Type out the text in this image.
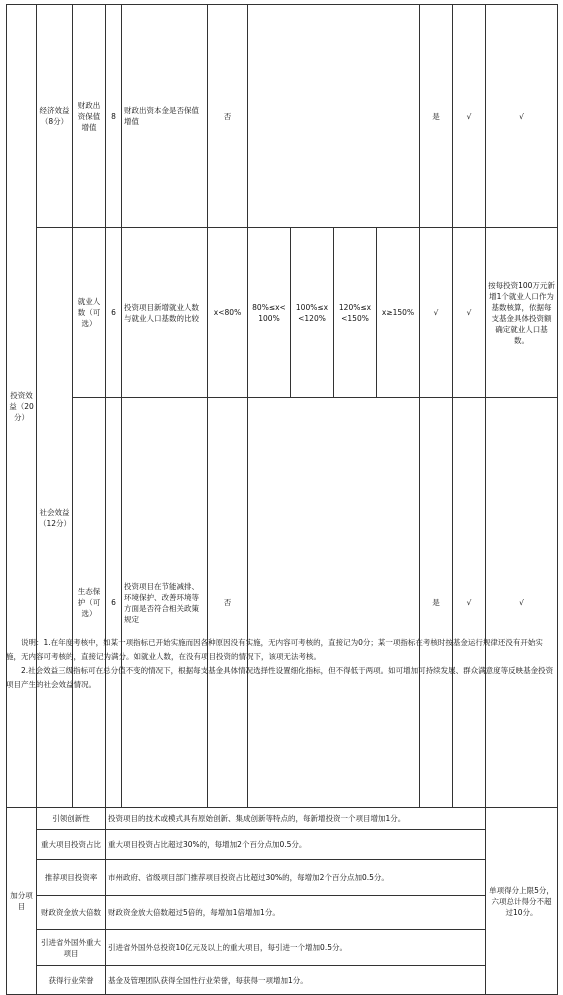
投资效益（20分）	经济效益（8分）	财政出资保值增值	8	财政出资本金是否保值增值	否					是	√	√	
	社会效益（12分）	就业人数（可选）	6	投资项目新增就业人数与就业人口基数的比较	x<80%	80%≤x<100%	100%≤x<120%	120%≤x<150%	x≥150%	√	√	按每投资100万元新增1个就业人口作为基数核算，依据每支基金具体投资额确定就业人口基数。	
		生态保护（可选）	6	投资项目在节能减排、环境保护、改善环境等方面是否符合相关政策规定	否					是	√	√	
加分项目	引领创新性		投资项目的技术或模式具有原始创新、集成创新等特点的，每新增投资一个项目增加1分。									单项得分上限5分，六项总计得分不超过10分。	
	重大项目投资占比		重大项目投资占比超过30%的，每增加2个百分点加0.5分。										
	推荐项目投资率		市州政府、省级项目部门推荐项目投资占比超过30%的，每增加2个百分点加0.5分。										
	财政资金放大倍数		财政资金放大倍数超过5倍的，每增加1倍增加1分。										
	引进省外国外重大项目		引进省外国外总投资10亿元及以上的重大项目，每引进一个增加0.5分。										
	获得行业荣誉		基金及管理团队获得全国性行业荣誉，每获得一项增加1分。										

说明：1.在年度考核中，如某一项指标已开始实施而因各种原因没有实施，无内容可考核的，直接记为0分；某一项指标在考核时按基金运行规律还没有开始实施，无内容可考核的，直接记为满分。如就业人数，在没有项目投资的情况下，该项无法考核。

2.社会效益三级指标可在总分值不变的情况下，根据每支基金具体情况选择性设置细化指标，但不得低于两项。如可增加可持续发展、群众满意度等反映基金投资项目产生的社会效益情况。
